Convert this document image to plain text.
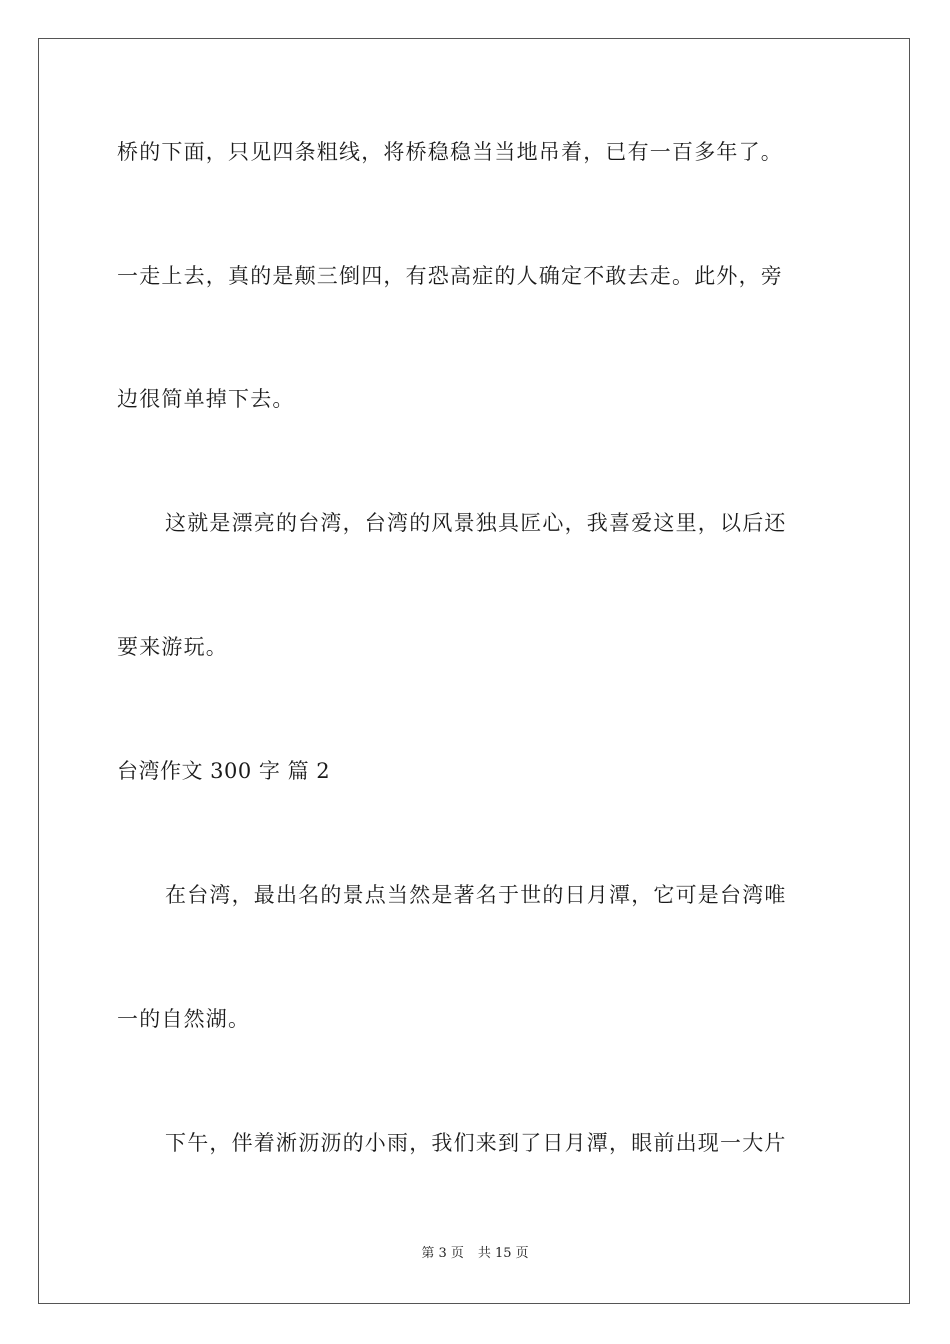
桥的下面，只见四条粗线，将桥稳稳当当地吊着，已有一百多年了。
一走上去，真的是颠三倒四，有恐高症的人确定不敢去走。此外，旁
边很简单掉下去。
这就是漂亮的台湾，台湾的风景独具匠心，我喜爱这里，以后还
要来游玩。
台湾作文 300 字 篇 2
在台湾，最出名的景点当然是著名于世的日月潭，它可是台湾唯
一的自然湖。
下午，伴着淅沥沥的小雨，我们来到了日月潭，眼前出现一大片
第 3 页 共 15 页
